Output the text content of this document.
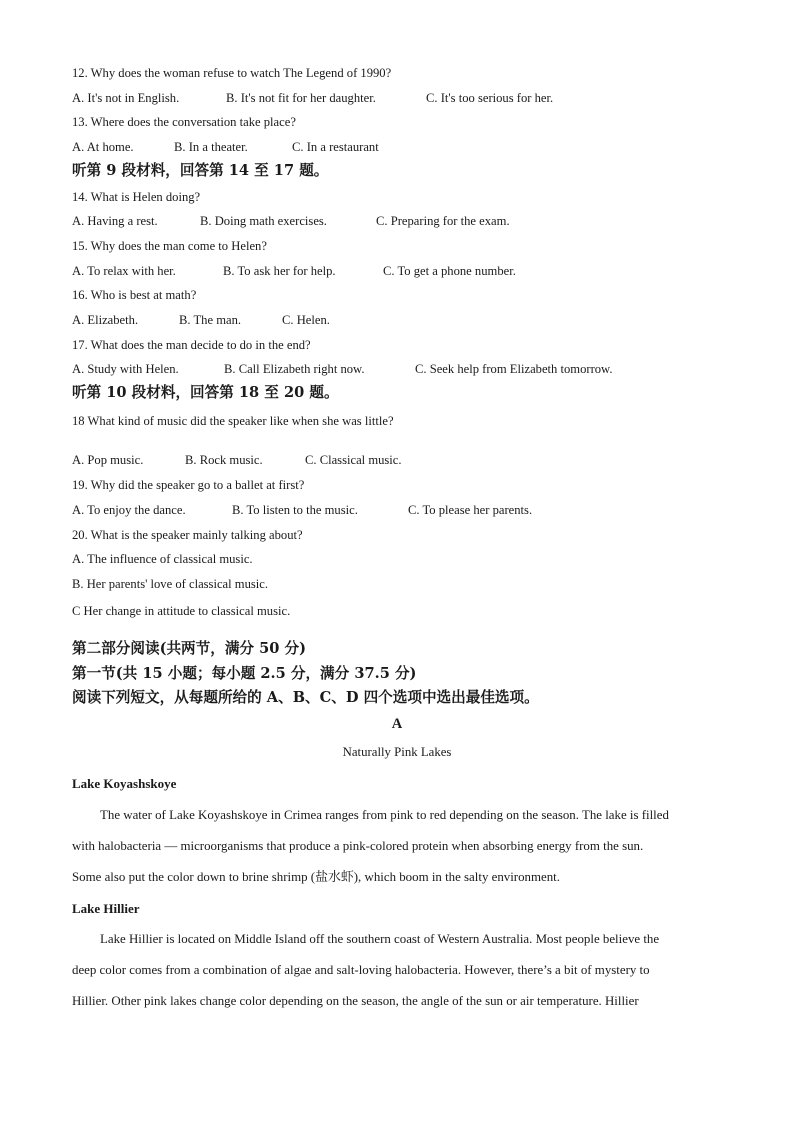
12. Why does the woman refuse to watch The Legend of 1990?
A. It's not in English.	B. It's not fit for her daughter.	C. It's too serious for her.
13. Where does the conversation take place?
A. At home.	B. In a theater.	C. In a restaurant
听第 9 段材料，回答第 14 至 17 题。
14. What is Helen doing?
A. Having a rest.	B. Doing math exercises.	C. Preparing for the exam.
15. Why does the man come to Helen?
A. To relax with her.	B. To ask her for help.	C. To get a phone number.
16. Who is best at math?
A. Elizabeth.	B. The man.	C. Helen.
17. What does the man decide to do in the end?
A. Study with Helen.	B. Call Elizabeth right now.	C. Seek help from Elizabeth tomorrow.
听第 10 段材料，回答第 18 至 20 题。
18 What kind of music did the speaker like when she was little?
A. Pop music.	B. Rock music.	C. Classical music.
19. Why did the speaker go to a ballet at first?
A. To enjoy the dance.	B. To listen to the music.	C. To please her parents.
20. What is the speaker mainly talking about?
A. The influence of classical music.
B. Her parents' love of classical music.
C Her change in attitude to classical music.
第二部分阅读(共两节，满分 50 分)
第一节(共 15 小题；每小题 2.5 分，满分 37.5 分)
阅读下列短文，从每题所给的 A、B、C、D 四个选项中选出最佳选项。
A
Naturally Pink Lakes
Lake Koyashskoye
The water of Lake Koyashskoye in Crimea ranges from pink to red depending on the season. The lake is filled
with halobacteria — microorganisms that produce a pink-colored protein when absorbing energy from the sun.
Some also put the color down to brine shrimp (盐水虾), which boom in the salty environment.
Lake Hillier
Lake Hillier is located on Middle Island off the southern coast of Western Australia. Most people believe the
deep color comes from a combination of algae and salt-loving halobacteria. However, there’s a bit of mystery to
Hillier. Other pink lakes change color depending on the season, the angle of the sun or air temperature. Hillier
